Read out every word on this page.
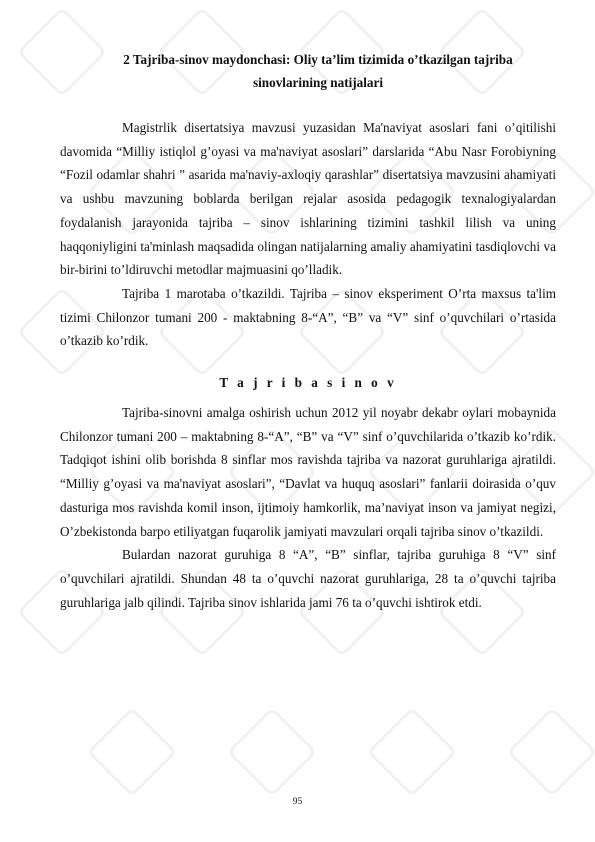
2 Tajriba-sinov maydonchasi: Oliy ta’lim tizimida o’tkazilgan tajriba
sinovlarining natijalari

Magistrlik disertatsiya mavzusi yuzasidan Ma'naviyat asoslari fani o’qitilishi davomida “Milliy istiqlol g’oyasi va ma'naviyat asoslari” darslarida “Abu Nasr Forobiyning “Fozil odamlar shahri ” asarida ma'naviy-axloqiy qarashlar” disertatsiya mavzusini ahamiyati va ushbu mavzuning boblarda berilgan rejalar asosida pedagogik texnalogiyalardan foydalanish jarayonida tajriba – sinov ishlarining tizimini tashkil lilish va uning haqqoniyligini ta'minlash maqsadida olingan natijalarning amaliy ahamiyatini tasdiqlovchi va bir-birini to’ldiruvchi metodlar majmuasini qo’lladik.

Tajriba 1 marotaba o’tkazildi. Tajriba – sinov eksperiment O’rta maxsus ta'lim tizimi Chilonzor tumani 200 - maktabning 8-“A”, “B” va “V” sinf o’quvchilari o’rtasida o’tkazib ko’rdik.

T a j r i b a s i n o v

Tajriba-sinovni amalga oshirish uchun 2012 yil noyabr dekabr oylari mobaynida Chilonzor tumani 200 – maktabning 8-“A”, “B” va “V” sinf o’quvchilarida o’tkazib ko’rdik. Tadqiqot ishini olib borishda 8 sinflar mos ravishda tajriba va nazorat guruhlariga ajratildi. “Milliy g’oyasi va ma'naviyat asoslari”, “Davlat va huquq asoslari” fanlarii doirasida o’quv dasturiga mos ravishda komil inson, ijtimoiy hamkorlik, ma’naviyat inson va jamiyat negizi, O’zbekistonda barpo etiliyatgan fuqarolik jamiyati mavzulari orqali tajriba sinov o’tkazildi.

Bulardan nazorat guruhiga 8 “A”, “B” sinflar, tajriba guruhiga 8 “V” sinf o’quvchilari ajratildi. Shundan 48 ta o’quvchi nazorat guruhlariga, 28 ta o’quvchi tajriba guruhlariga jalb qilindi. Tajriba sinov ishlarida jami 76 ta o’quvchi ishtirok etdi.

95
